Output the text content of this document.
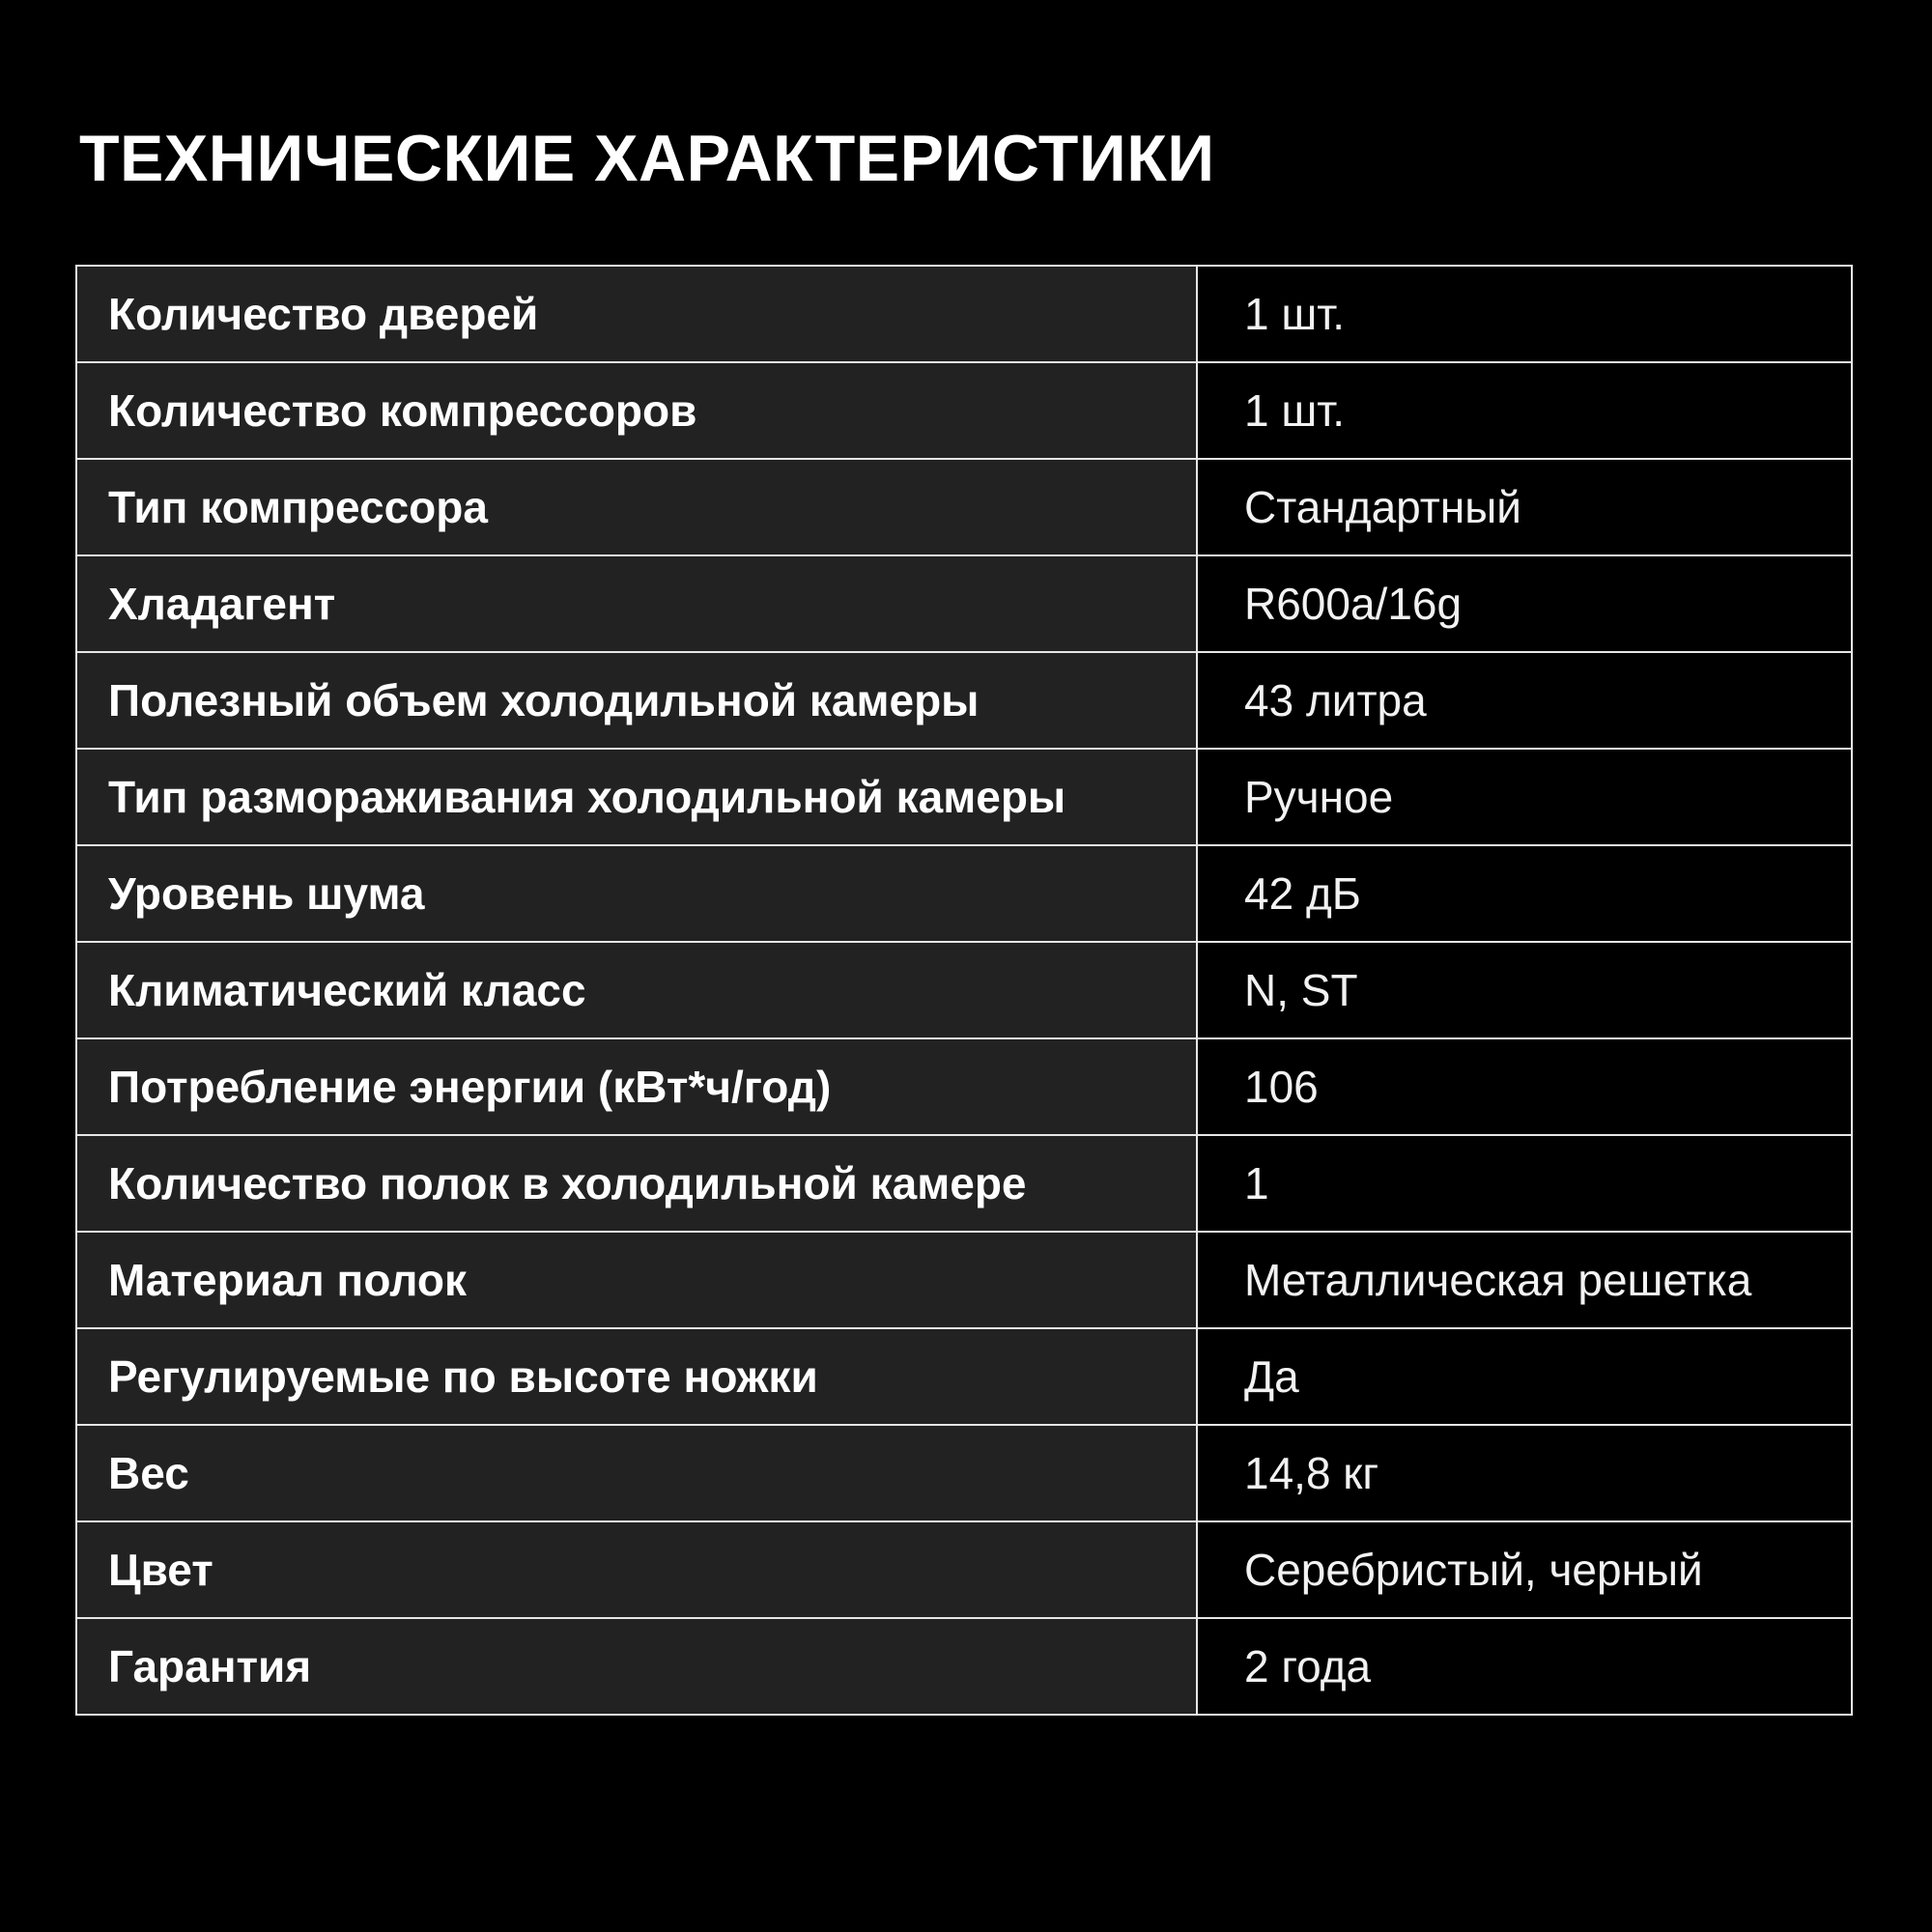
ТЕХНИЧЕСКИЕ ХАРАКТЕРИСТИКИ
Количество дверей	1 шт.
Количество компрессоров	1 шт.
Тип компрессора	Стандартный
Хладагент	R600a/16g
Полезный объем холодильной камеры	43 литра
Тип размораживания холодильной камеры	Ручное
Уровень шума	42 дБ
Климатический класс	N, ST
Потребление энергии (кВт*ч/год)	106
Количество полок в холодильной камере	1
Материал полок	Металлическая решетка
Регулируемые по высоте ножки	Да
Вес	14,8 кг
Цвет	Серебристый, черный
Гарантия	2 года
